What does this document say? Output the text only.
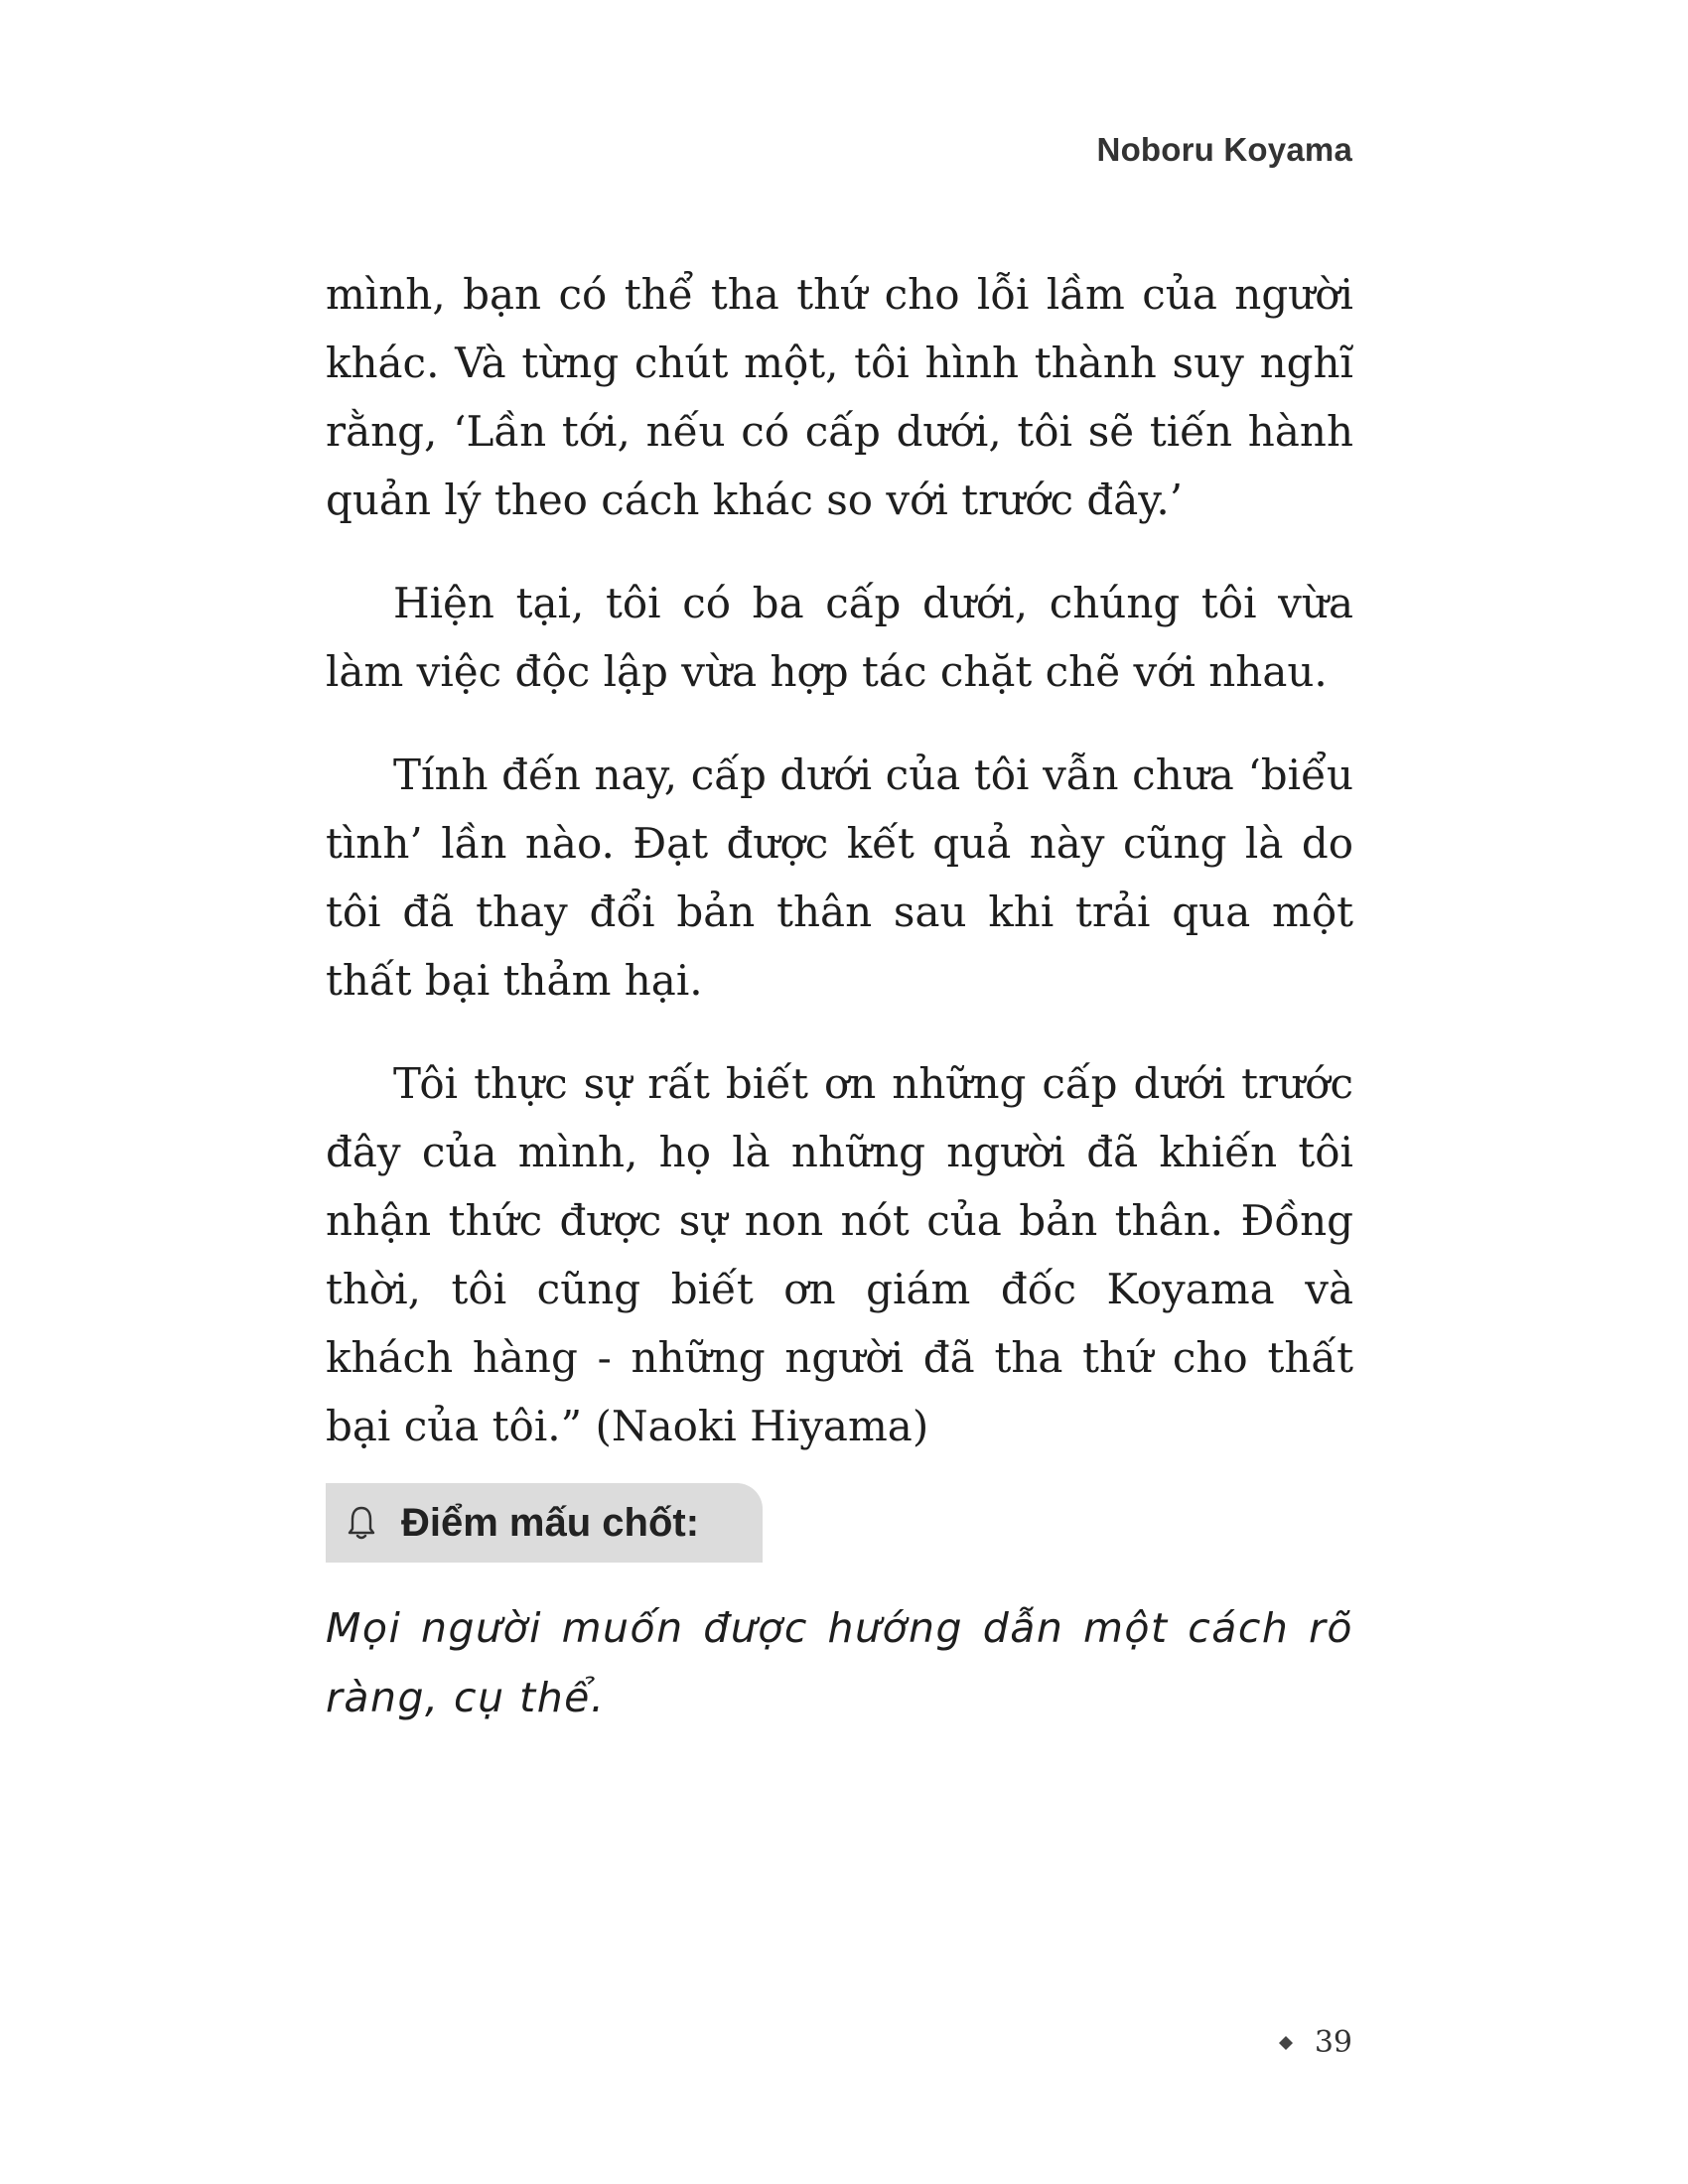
Noboru Koyama

mình, bạn có thể tha thứ cho lỗi lầm của người khác. Và từng chút một, tôi hình thành suy nghĩ rằng, ‘Lần tới, nếu có cấp dưới, tôi sẽ tiến hành quản lý theo cách khác so với trước đây.’

Hiện tại, tôi có ba cấp dưới, chúng tôi vừa làm việc độc lập vừa hợp tác chặt chẽ với nhau.

Tính đến nay, cấp dưới của tôi vẫn chưa ‘biểu tình’ lần nào. Đạt được kết quả này cũng là do tôi đã thay đổi bản thân sau khi trải qua một thất bại thảm hại.

Tôi thực sự rất biết ơn những cấp dưới trước đây của mình, họ là những người đã khiến tôi nhận thức được sự non nót của bản thân. Đồng thời, tôi cũng biết ơn giám đốc Koyama và khách hàng - những người đã tha thứ cho thất bại của tôi.” (Naoki Hiyama)

Điểm mấu chốt:

Mọi người muốn được hướng dẫn một cách rõ ràng, cụ thể.

39
